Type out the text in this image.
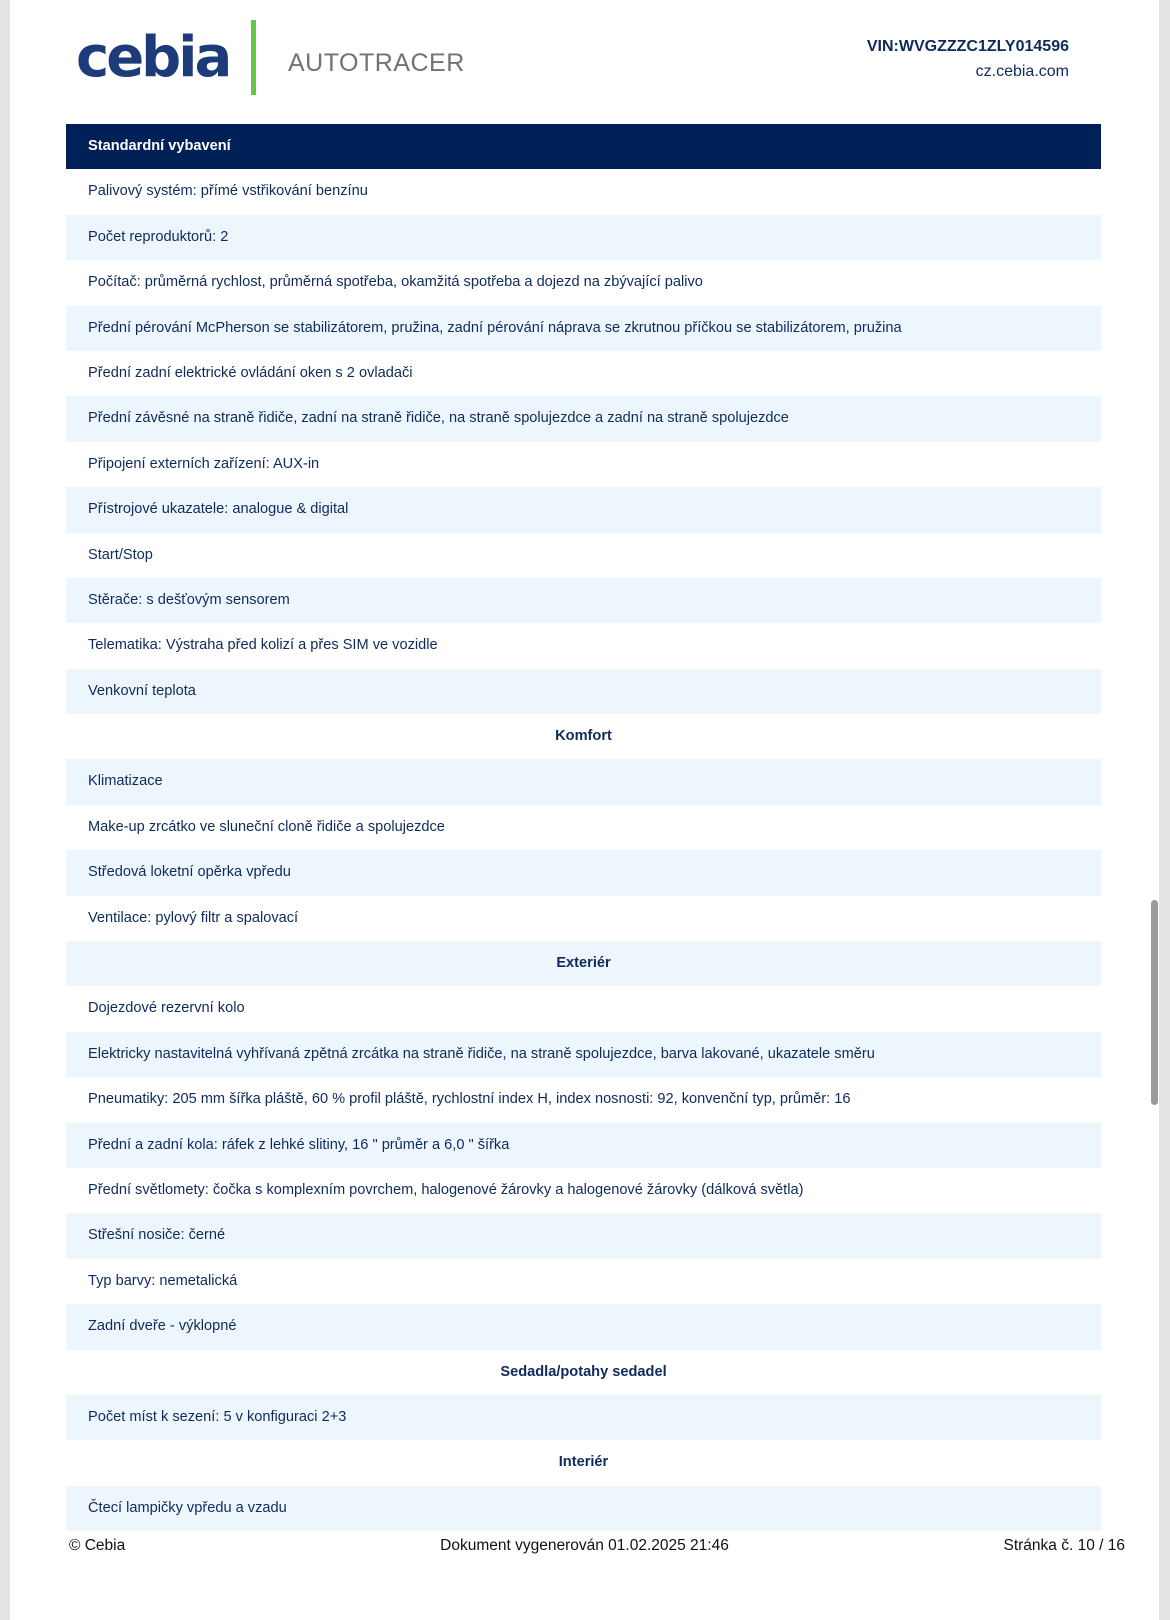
cebia AUTOTRACER
VIN:WVGZZZC1ZLY014596
cz.cebia.com
Standardní vybavení
Palivový systém: přímé vstřikování benzínu
Počet reproduktorů: 2
Počítač: průměrná rychlost, průměrná spotřeba, okamžitá spotřeba a dojezd na zbývající palivo
Přední pérování McPherson se stabilizátorem, pružina, zadní pérování náprava se zkrutnou příčkou se stabilizátorem, pružina
Přední zadní elektrické ovládání oken s 2 ovladači
Přední závěsné na straně řidiče, zadní na straně řidiče, na straně spolujezdce a zadní na straně spolujezdce
Připojení externích zařízení: AUX-in
Přístrojové ukazatele: analogue & digital
Start/Stop
Stěrače: s dešťovým sensorem
Telematika: Výstraha před kolizí a přes SIM ve vozidle
Venkovní teplota
Komfort
Klimatizace
Make-up zrcátko ve sluneční cloně řidiče a spolujezdce
Středová loketní opěrka vpředu
Ventilace: pylový filtr a spalovací
Exteriér
Dojezdové rezervní kolo
Elektricky nastavitelná vyhřívaná zpětná zrcátka na straně řidiče, na straně spolujezdce, barva lakované, ukazatele směru
Pneumatiky: 205 mm šířka pláště, 60 % profil pláště, rychlostní index H, index nosnosti: 92, konvenční typ, průměr: 16
Přední a zadní kola: ráfek z lehké slitiny, 16 " průměr a 6,0 " šířka
Přední světlomety: čočka s komplexním povrchem, halogenové žárovky a halogenové žárovky (dálková světla)
Střešní nosiče: černé
Typ barvy: nemetalická
Zadní dveře - výklopné
Sedadla/potahy sedadel
Počet míst k sezení: 5 v konfiguraci 2+3
Interiér
Čtecí lampičky vpředu a vzadu
© Cebia	Dokument vygenerován 01.02.2025 21:46	Stránka č. 10 / 16
